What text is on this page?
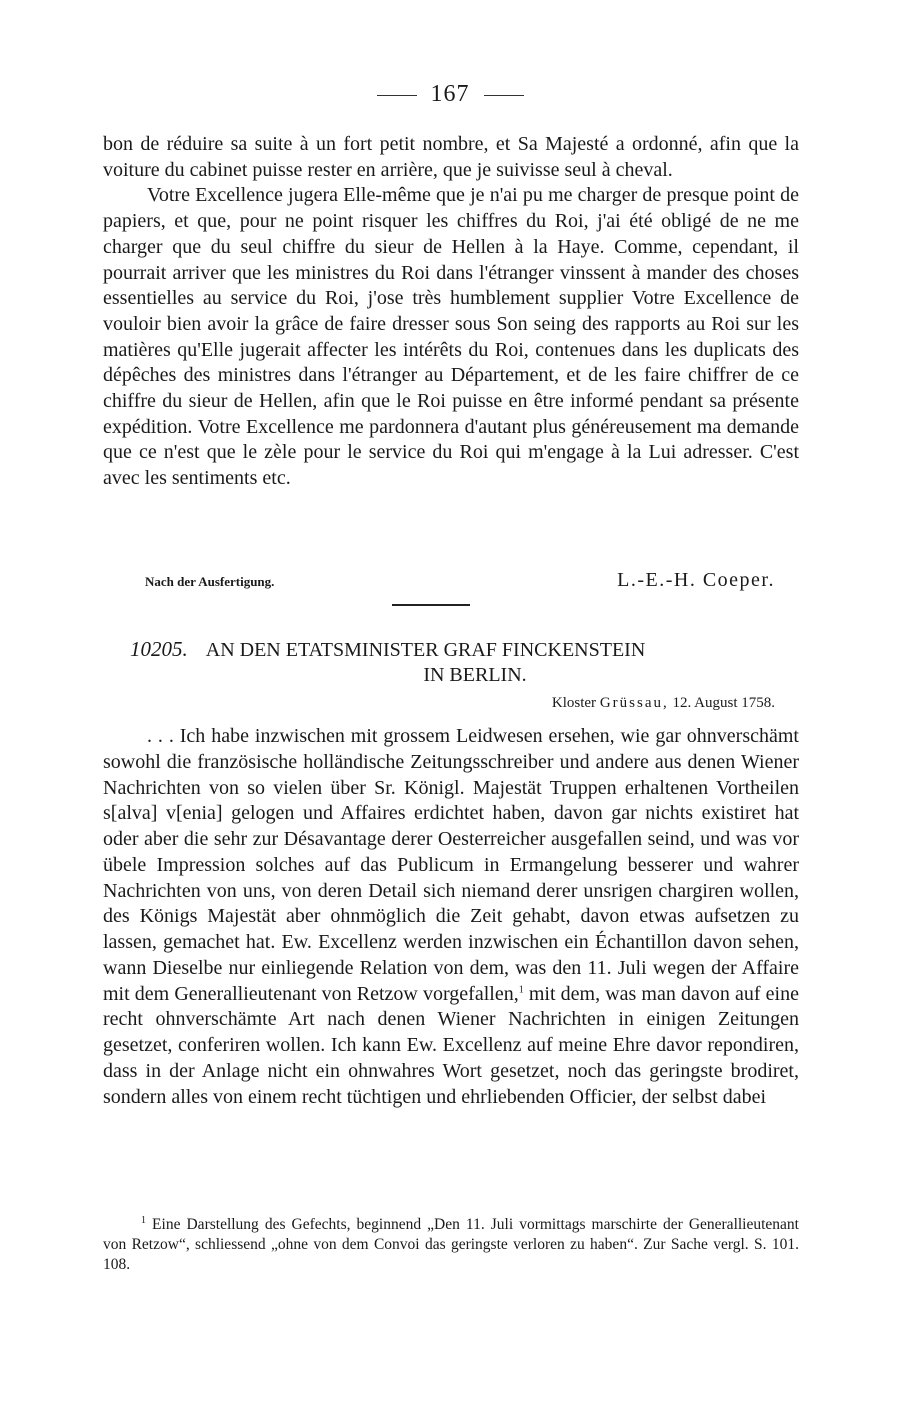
167

bon de réduire sa suite à un fort petit nombre, et Sa Majesté a ordonné, afin que la voiture du cabinet puisse rester en arrière, que je suivisse seul à cheval.

Votre Excellence jugera Elle-même que je n'ai pu me charger de presque point de papiers, et que, pour ne point risquer les chiffres du Roi, j'ai été obligé de ne me charger que du seul chiffre du sieur de Hellen à la Haye. Comme, cependant, il pourrait arriver que les ministres du Roi dans l'étranger vinssent à mander des choses essentielles au service du Roi, j'ose très humblement supplier Votre Excellence de vouloir bien avoir la grâce de faire dresser sous Son seing des rapports au Roi sur les matières qu'Elle jugerait affecter les intérêts du Roi, contenues dans les duplicats des dépêches des ministres dans l'étranger au Département, et de les faire chiffrer de ce chiffre du sieur de Hellen, afin que le Roi puisse en être informé pendant sa présente expédition. Votre Excellence me pardonnera d'autant plus généreusement ma demande que ce n'est que le zèle pour le service du Roi qui m'engage à la Lui adresser. C'est avec les sentiments etc.

Nach der Ausfertigung.	L.-E.-H. Coeper.
10205. AN DEN ETATSMINISTER GRAF FINCKENSTEIN
IN BERLIN.
Kloster Grüssau, 12. August 1758.

. . . Ich habe inzwischen mit grossem Leidwesen ersehen, wie gar ohnverschämt sowohl die französische holländische Zeitungsschreiber und andere aus denen Wiener Nachrichten von so vielen über Sr. Königl. Majestät Truppen erhaltenen Vortheilen s[alva] v[enia] gelogen und Affaires erdichtet haben, davon gar nichts existiret hat oder aber die sehr zur Désavantage derer Oesterreicher ausgefallen seind, und was vor übele Impression solches auf das Publicum in Ermangelung besserer und wahrer Nachrichten von uns, von deren Detail sich niemand derer unsrigen chargiren wollen, des Königs Majestät aber ohnmöglich die Zeit gehabt, davon etwas aufsetzen zu lassen, gemachet hat. Ew. Excellenz werden inzwischen ein Échantillon davon sehen, wann Dieselbe nur einliegende Relation von dem, was den 11. Juli wegen der Affaire mit dem Generallieutenant von Retzow vorgefallen,$^1$ mit dem, was man davon auf eine recht ohnverschämte Art nach denen Wiener Nachrichten in einigen Zeitungen gesetzet, conferiren wollen. Ich kann Ew. Excellenz auf meine Ehre davor repondiren, dass in der Anlage nicht ein ohnwahres Wort gesetzet, noch das geringste brodiret, sondern alles von einem recht tüchtigen und ehrliebenden Officier, der selbst dabei

$^1$ Eine Darstellung des Gefechts, beginnend „Den 11. Juli vormittags marschirte der Generallieutenant von Retzow“, schliessend „ohne von dem Convoi das geringste verloren zu haben“. Zur Sache vergl. S. 101. 108.
